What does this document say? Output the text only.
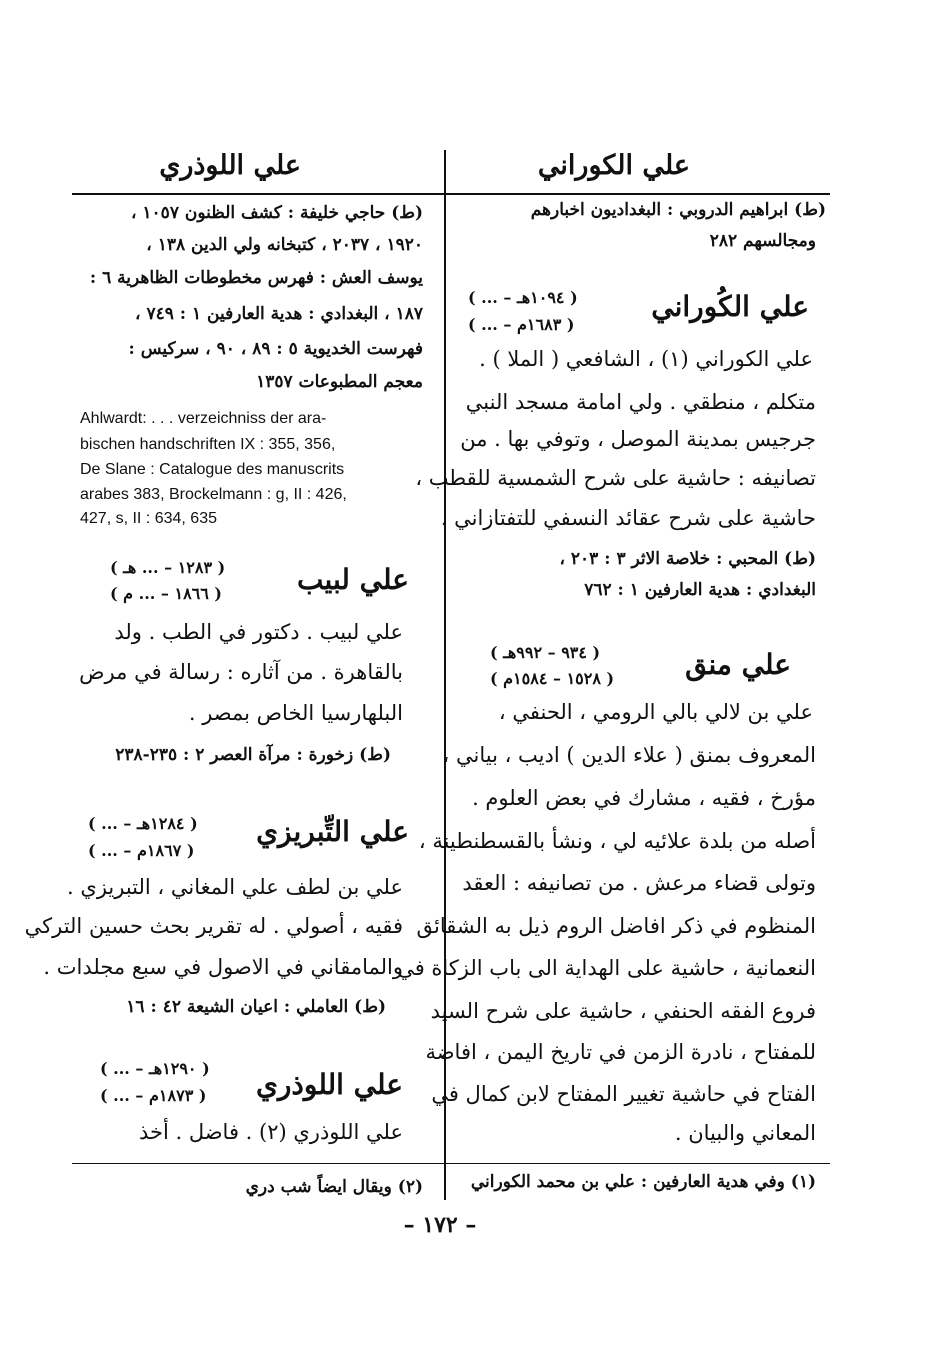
علي الكوراني
(ط) ابراهيم الدروبي : البغداديون اخبارهم
ومجالسهم ٢٨٢
علي الكُوراني
( ... – ١٠٩٤هـ )
( ... – ١٦٨٣م )
علي الكوراني (١) ، الشافعي ( الملا ) .
متكلم ، منطقي . ولي امامة مسجد النبي
جرجيس بمدينة الموصل ، وتوفي بها . من
تصانيفه : حاشية على شرح الشمسية للقطب ،
حاشية على شرح عقائد النسفي للتفتازاني .
(ط) المحبي : خلاصة الاثر ٣ : ٢٠٣ ،
البغدادي : هدية العارفين ١ : ٧٦٢
علي منق
( ٩٣٤ – ٩٩٢هـ )
( ١٥٢٨ – ١٥٨٤م )
علي بن لالي بالي الرومي ، الحنفي ،
المعروف بمنق ( علاء الدين ) اديب ، بياني ،
مؤرخ ، فقيه ، مشارك في بعض العلوم .
أصله من بلدة علائيه لي ، ونشأ بالقسطنطينة ،
وتولى قضاء مرعش . من تصانيفه : العقد
المنظوم في ذكر افاضل الروم ذيل به الشقائق
النعمانية ، حاشية على الهداية الى باب الزكاة في
فروع الفقه الحنفي ، حاشية على شرح السيد
للمفتاح ، نادرة الزمن في تاريخ اليمن ، افاضة
الفتاح في حاشية تغيير المفتاح لابن كمال في
المعاني والبيان .
(١) وفي هدية العارفين : علي بن محمد الكوراني
علي اللوذري
(ط) حاجي خليفة : كشف الظنون ١٠٥٧ ،
١٩٢٠ ، ٢٠٣٧ ، كتبخانه ولي الدين ١٣٨ ،
يوسف العش : فهرس مخطوطات الظاهرية ٦ :
١٨٧ ، البغدادي : هدية العارفين ١ : ٧٤٩ ،
فهرست الخديوية ٥ : ٨٩ ، ٩٠ ، سركيس :
معجم المطبوعات ١٣٥٧
Ahlwardt: . . . verzeichniss der ara-
bischen handschriften IX : 355, 356,
De Slane : Catalogue des manuscrits
arabes 383, Brockelmann : g, II : 426,
427, s, II : 634, 635
علي لبيب
( ١٢٨٣ – ... هـ )
( ١٨٦٦ – ... م )
علي لبيب . دكتور في الطب . ولد
بالقاهرة . من آثاره : رسالة في مرض
البلهارسيا الخاص بمصر .
(ط) زخورة : مرآة العصر ٢ : ٢٣٥-٢٣٨
علي التِّبريزي
( ... – ١٢٨٤هـ )
( ... – ١٨٦٧م )
علي بن لطف علي المغاني ، التبريزي .
فقيه ، أصولي . له تقرير بحث حسين التركي
والمامقاني في الاصول في سبع مجلدات .
(ط) العاملي : اعيان الشيعة ٤٢ : ١٦
علي اللوذري
( ... – ١٢٩٠هـ )
( ... – ١٨٧٣م )
علي اللوذري (٢) . فاضل . أخذ
(٢) ويقال ايضاً شب دري
– ١٧٢ –
